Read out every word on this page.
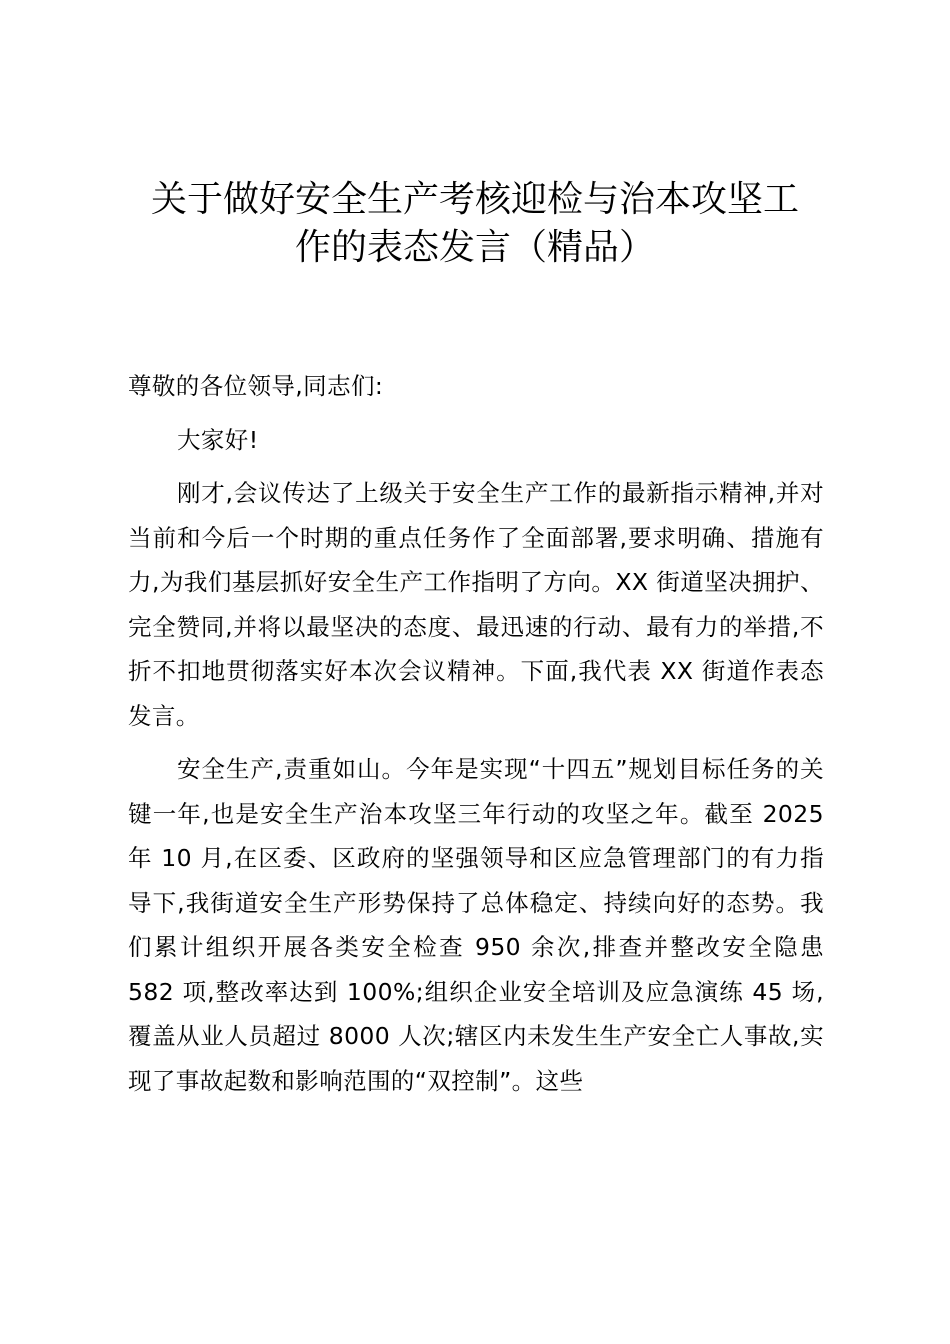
关于做好安全生产考核迎检与治本攻坚工
作的表态发言（精品）

尊敬的各位领导,同志们:

大家好!

刚才,会议传达了上级关于安全生产工作的最新指示精神,并对当前和今后一个时期的重点任务作了全面部署,要求明确、措施有力,为我们基层抓好安全生产工作指明了方向。XX 街道坚决拥护、完全赞同,并将以最坚决的态度、最迅速的行动、最有力的举措,不折不扣地贯彻落实好本次会议精神。下面,我代表 XX 街道作表态发言。

安全生产,责重如山。今年是实现“十四五”规划目标任务的关键一年,也是安全生产治本攻坚三年行动的攻坚之年。截至 2025 年 10 月,在区委、区政府的坚强领导和区应急管理部门的有力指导下,我街道安全生产形势保持了总体稳定、持续向好的态势。我们累计组织开展各类安全检查 950 余次,排查并整改安全隐患 582 项,整改率达到 100%;组织企业安全培训及应急演练 45 场,覆盖从业人员超过 8000 人次;辖区内未发生生产安全亡人事故,实现了事故起数和影响范围的“双控制”。这些
